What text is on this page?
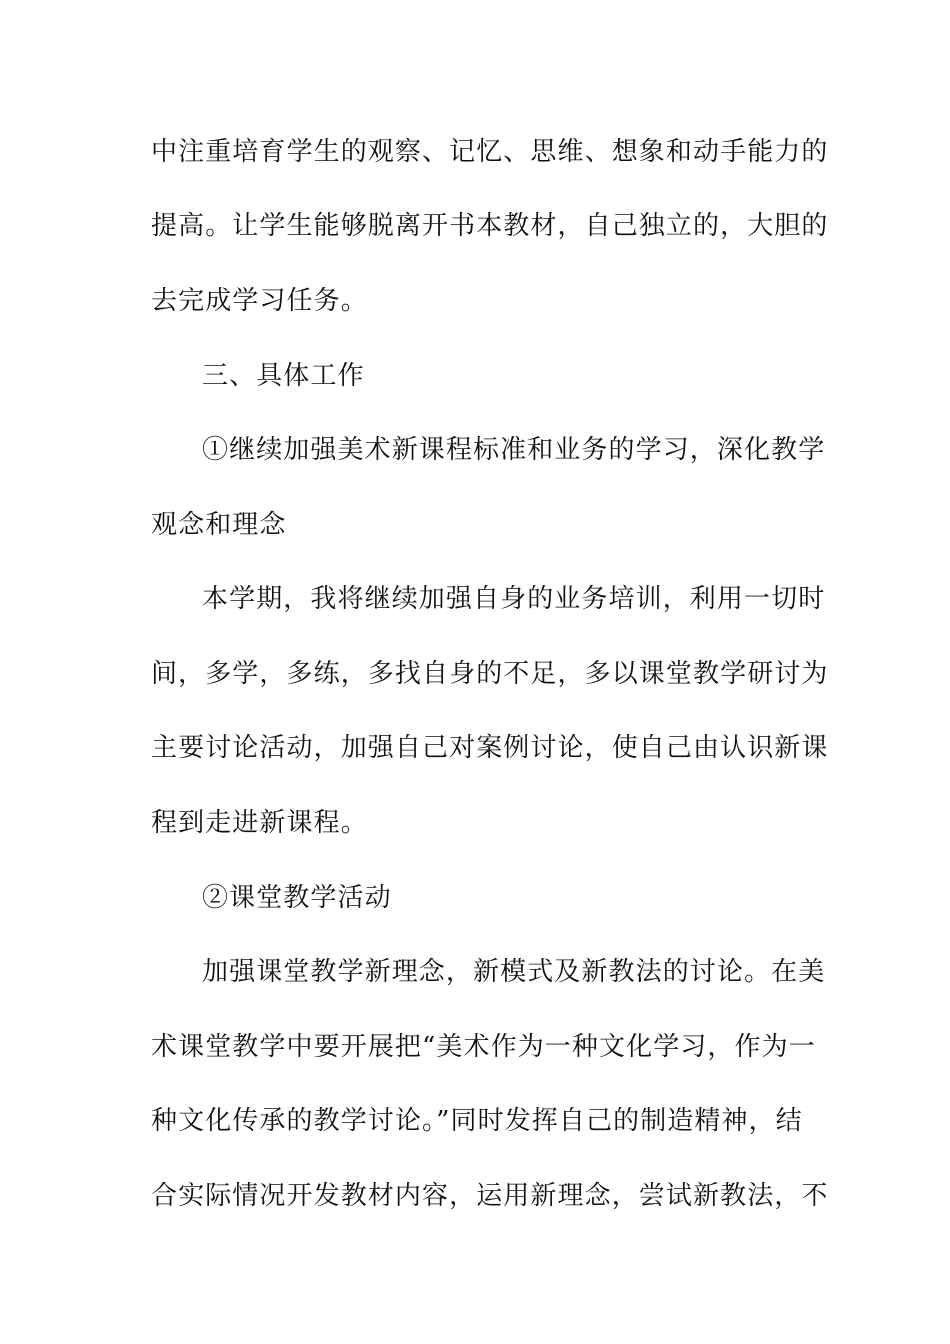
中注重培育学生的观察、记忆、思维、想象和动手能力的
提高。让学生能够脱离开书本教材，自己独立的，大胆的
去完成学习任务。
三、具体工作
①继续加强美术新课程标准和业务的学习，深化教学
观念和理念
本学期，我将继续加强自身的业务培训，利用一切时
间，多学，多练，多找自身的不足，多以课堂教学研讨为
主要讨论活动，加强自己对案例讨论，使自己由认识新课
程到走进新课程。
②课堂教学活动
加强课堂教学新理念，新模式及新教法的讨论。在美
术课堂教学中要开展把“美术作为一种文化学习，作为一
种文化传承的教学讨论。”同时发挥自己的制造精神，结
合实际情况开发教材内容，运用新理念，尝试新教法，不
